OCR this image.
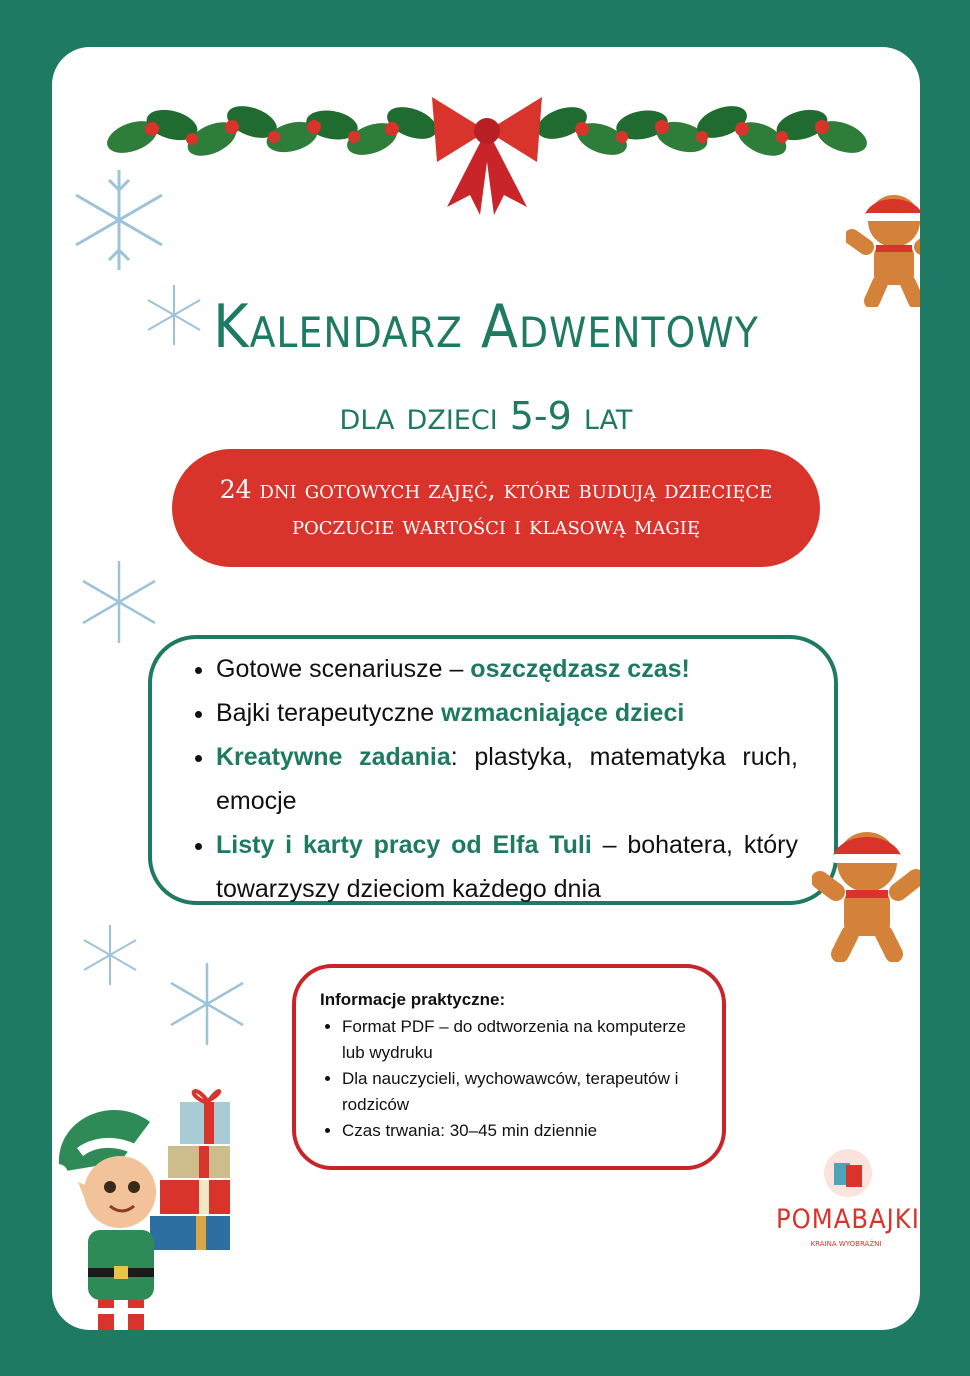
Kalendarz Adwentowy
dla dzieci 5-9 lat
24 dni gotowych zajęć, które budują dziecięce poczucie wartości i klasową magię
• Gotowe scenariusze – oszczędzasz czas!
• Bajki terapeutyczne wzmacniające dzieci
• Kreatywne zadania: plastyka, matematyka ruch, emocje
• Listy i karty pracy od Elfa Tuli – bohatera, który towarzyszy dzieciom każdego dnia
Informacje praktyczne:
• Format PDF – do odtworzenia na komputerze lub wydruku
• Dla nauczycieli, wychowawców, terapeutów i rodziców
• Czas trwania: 30–45 min dziennie
POMABAJKI
KRAINA WYOBRAŹNI
